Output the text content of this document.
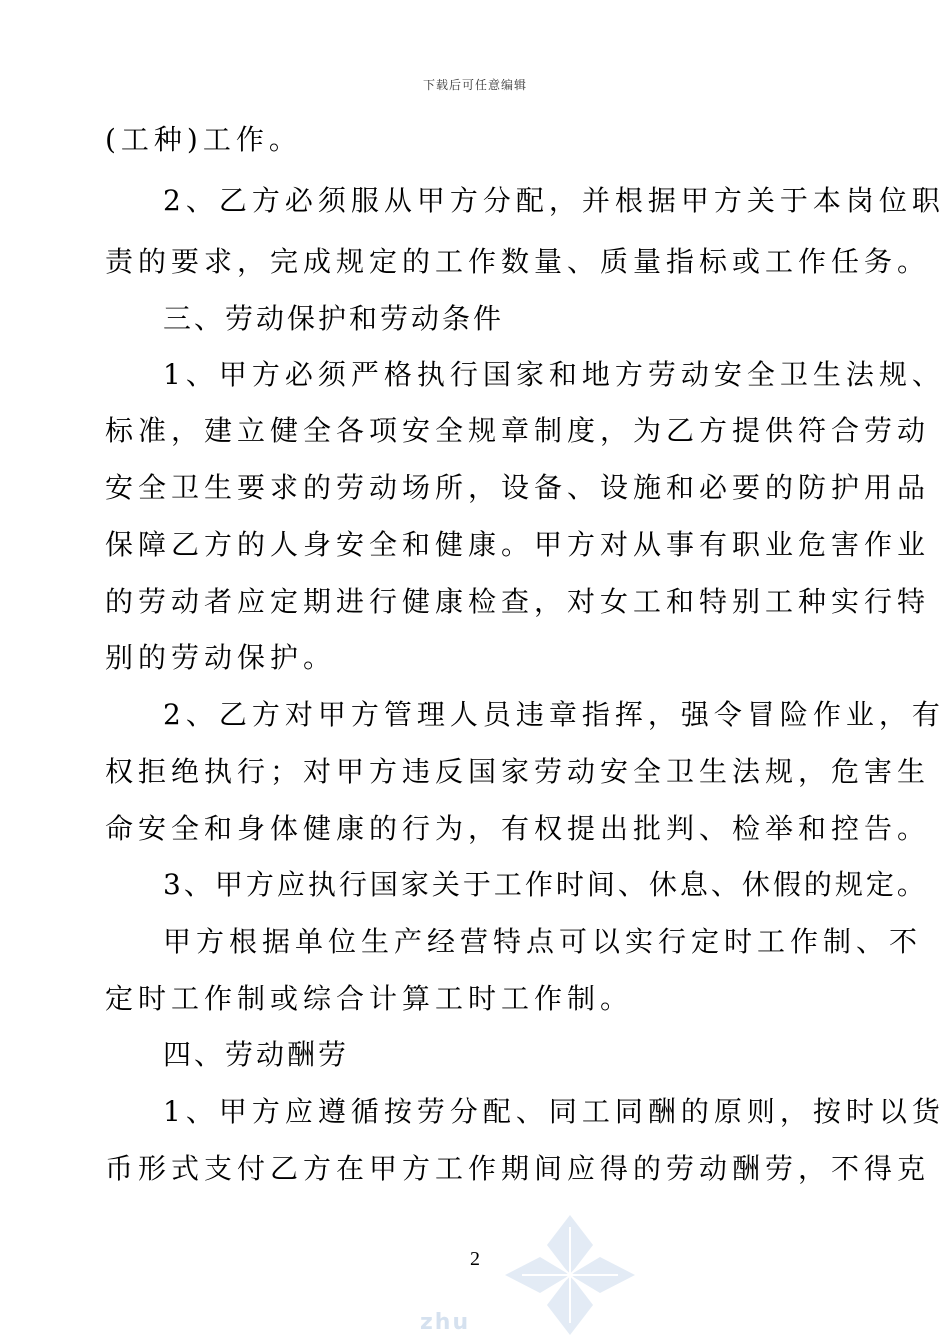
下载后可任意编辑
(工种)工作。
2、乙方必须服从甲方分配，并根据甲方关于本岗位职
责的要求，完成规定的工作数量、质量指标或工作任务。
三、劳动保护和劳动条件
1、甲方必须严格执行国家和地方劳动安全卫生法规、
标准，建立健全各项安全规章制度，为乙方提供符合劳动
安全卫生要求的劳动场所，设备、设施和必要的防护用品
保障乙方的人身安全和健康。甲方对从事有职业危害作业
的劳动者应定期进行健康检查，对女工和特别工种实行特
别的劳动保护。
2、乙方对甲方管理人员违章指挥，强令冒险作业，有
权拒绝执行；对甲方违反国家劳动安全卫生法规，危害生
命安全和身体健康的行为，有权提出批判、检举和控告。
3、甲方应执行国家关于工作时间、休息、休假的规定。
甲方根据单位生产经营特点可以实行定时工作制、不
定时工作制或综合计算工时工作制。
四、劳动酬劳
1、甲方应遵循按劳分配、同工同酬的原则，按时以货
币形式支付乙方在甲方工作期间应得的劳动酬劳，不得克
2
zhu
